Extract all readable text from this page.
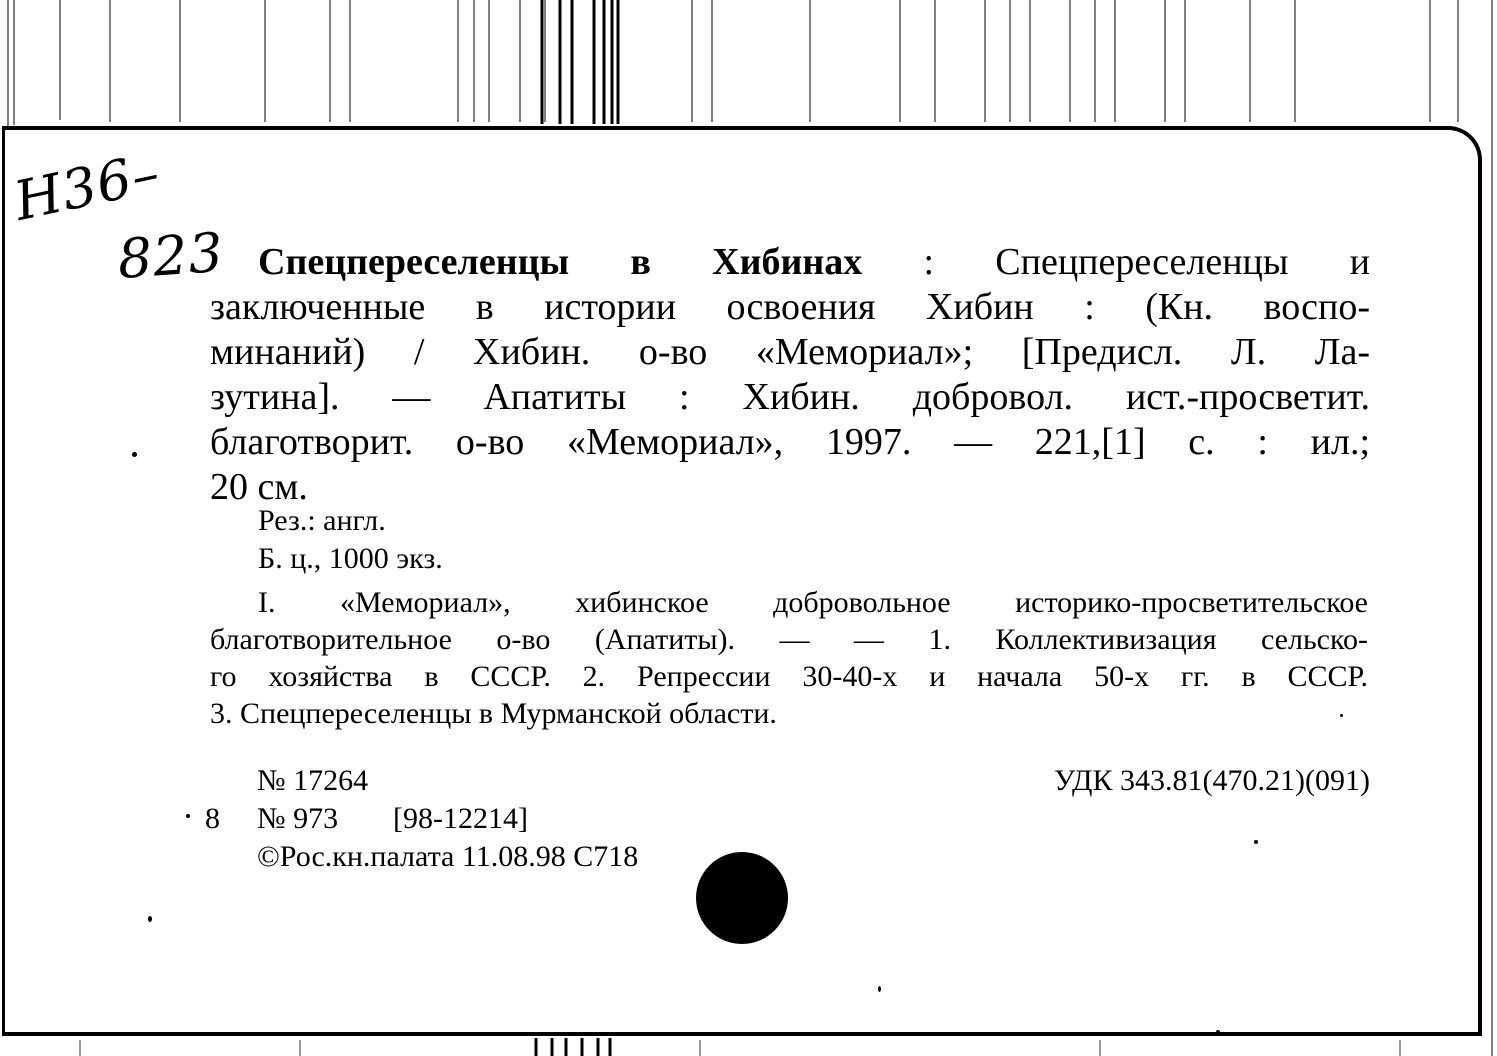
Н36–
823 Спецпереселенцы в Хибинах : Спецпереселенцы и
заключенные в истории освоения Хибин : (Кн. воспо-
минаний) / Хибин. о-во «Мемориал»; [Предисл. Л. Ла-
зутина]. — Апатиты : Хибин. добровол. ист.-просветит.
благотворит. о-во «Мемориал», 1997. — 221,[1] с. : ил.;
20 см.
Рез.: англ.
Б. ц., 1000 экз.
I. «Мемориал», хибинское добровольное историко-просветительское
благотворительное о-во (Апатиты). — — 1. Коллективизация сельско-
го хозяйства в СССР. 2. Репрессии 30-40-х и начала 50-х гг. в СССР.
3. Спецпереселенцы в Мурманской области.
№ 17264	УДК 343.81(470.21)(091)
8 № 973 [98-12214]
©Рос.кн.палата 11.08.98 С718
